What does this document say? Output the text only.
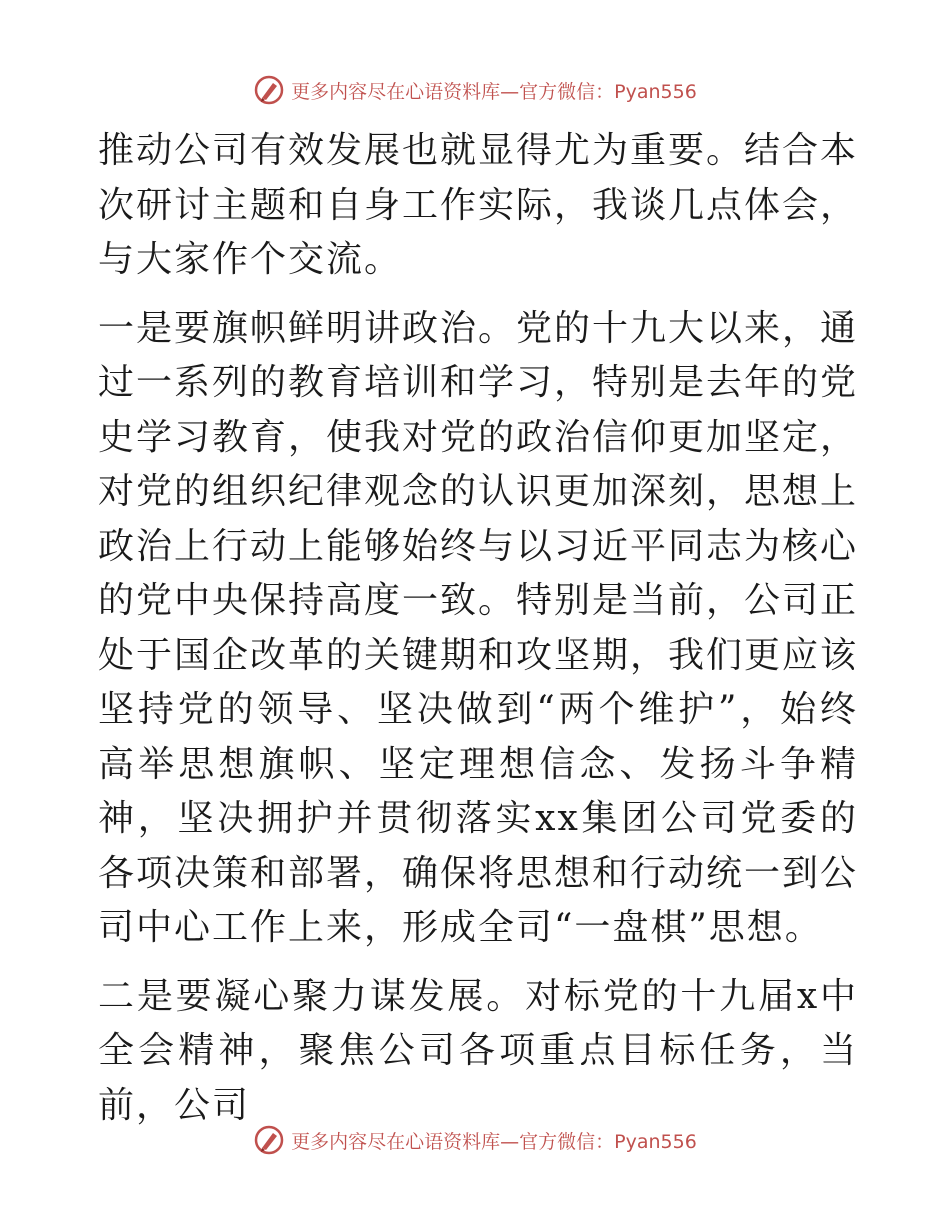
更多内容尽在心语资料库—官方微信：Pyan556

推动公司有效发展也就显得尤为重要。结合本次研讨主题和自身工作实际，我谈几点体会，与大家作个交流。

一是要旗帜鲜明讲政治。党的十九大以来，通过一系列的教育培训和学习，特别是去年的党史学习教育，使我对党的政治信仰更加坚定，对党的组织纪律观念的认识更加深刻，思想上政治上行动上能够始终与以习近平同志为核心的党中央保持高度一致。特别是当前，公司正处于国企改革的关键期和攻坚期，我们更应该坚持党的领导、坚决做到“两个维护”，始终高举思想旗帜、坚定理想信念、发扬斗争精神，坚决拥护并贯彻落实xx集团公司党委的各项决策和部署，确保将思想和行动统一到公司中心工作上来，形成全司“一盘棋”思想。

二是要凝心聚力谋发展。对标党的十九届x中全会精神，聚焦公司各项重点目标任务，当前，公司

更多内容尽在心语资料库—官方微信：Pyan556
